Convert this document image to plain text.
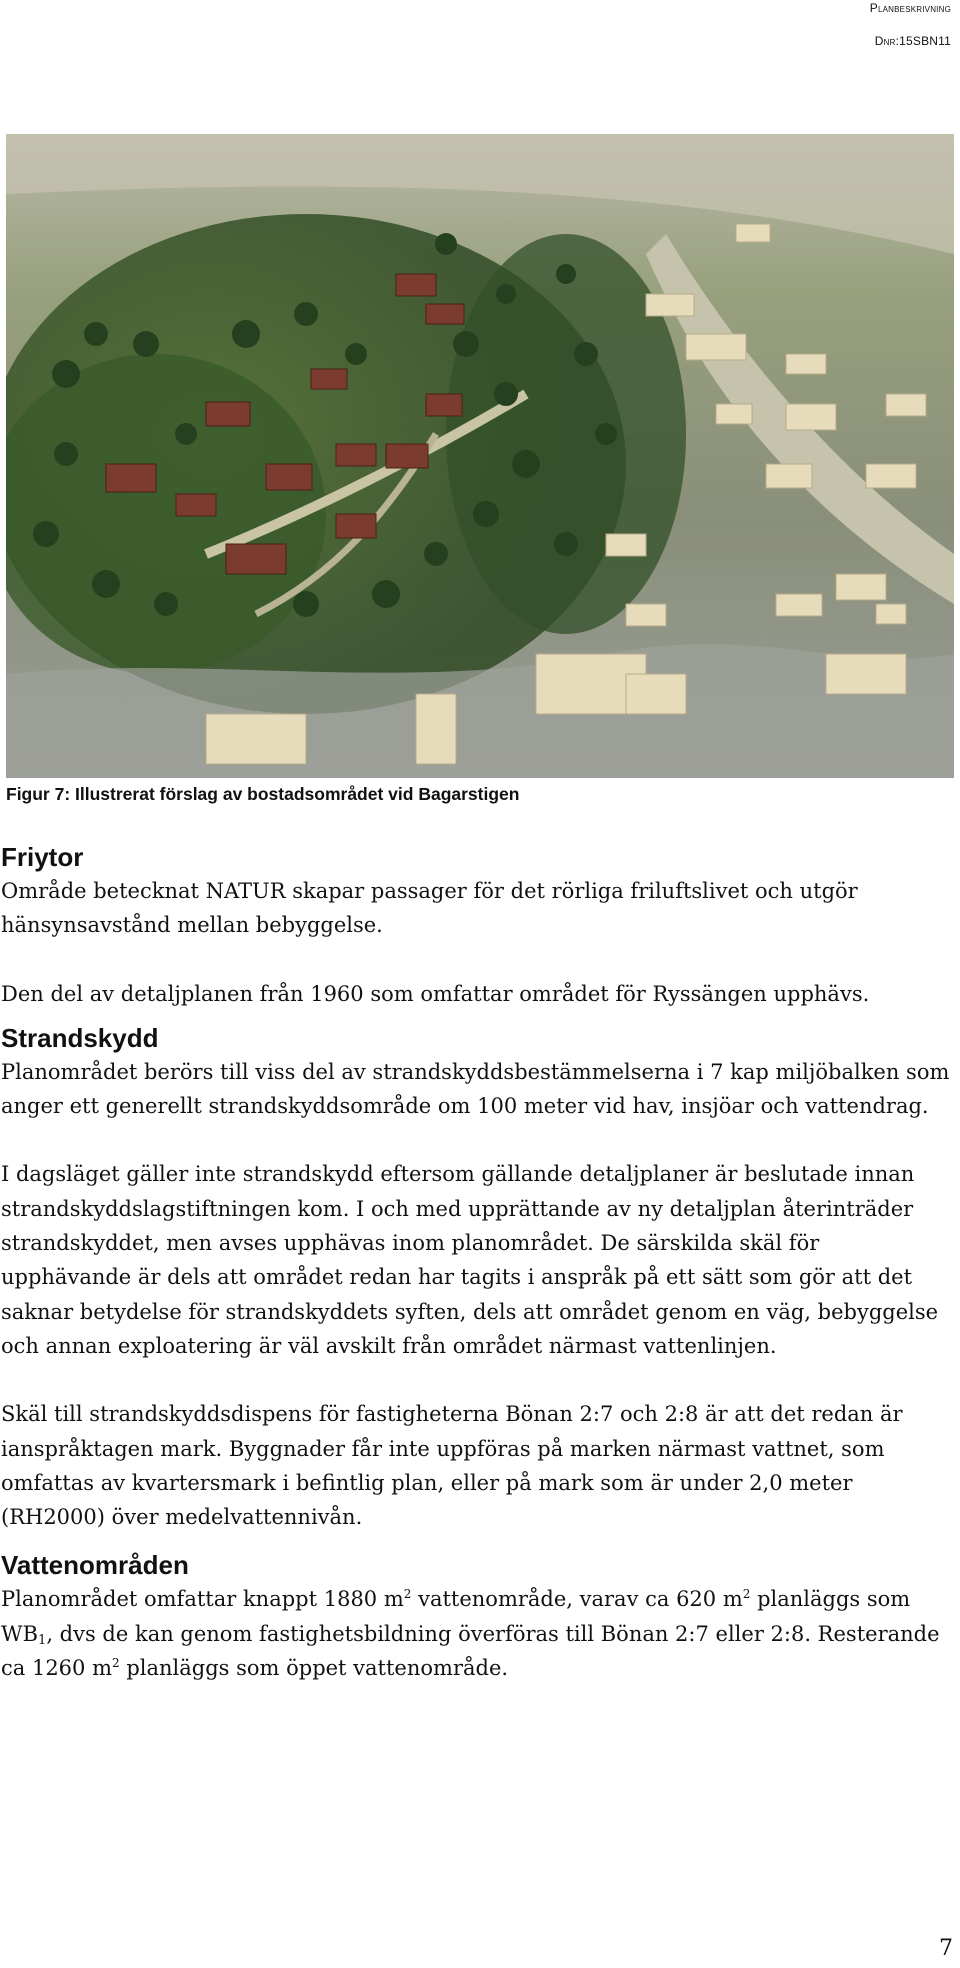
Planbeskrivning
Dnr:15SBN11
Figur 7: Illustrerat förslag av bostadsområdet vid Bagarstigen
Friytor

Område betecknat NATUR skapar passager för det rörliga friluftslivet och utgör hänsynsavstånd mellan bebyggelse.

Den del av detaljplanen från 1960 som omfattar området för Ryssängen upphävs.

Strandskydd

Planområdet berörs till viss del av strandskyddsbestämmelserna i 7 kap miljöbalken som anger ett generellt strandskyddsområde om 100 meter vid hav, insjöar och vattendrag.

I dagsläget gäller inte strandskydd eftersom gällande detaljplaner är beslutade innan strandskyddslagstiftningen kom. I och med upprättande av ny detaljplan återinträder strandskyddet, men avses upphävas inom planområdet. De särskilda skäl för upphävande är dels att området redan har tagits i anspråk på ett sätt som gör att det saknar betydelse för strandskyddets syften, dels att området genom en väg, bebyggelse och annan exploatering är väl avskilt från området närmast vattenlinjen.

Skäl till strandskyddsdispens för fastigheterna Bönan 2:7 och 2:8 är att det redan är ianspråktagen mark. Byggnader får inte uppföras på marken närmast vattnet, som omfattas av kvartersmark i befintlig plan, eller på mark som är under 2,0 meter (RH2000) över medelvattennivån.

Vattenområden

Planområdet omfattar knappt 1880 $m^2$ vattenområde, varav ca 620 $m^2$ planläggs som $WB_1$, dvs de kan genom fastighetsbildning överföras till Bönan 2:7 eller 2:8. Resterande ca 1260 $m^2$ planläggs som öppet vattenområde.

7
